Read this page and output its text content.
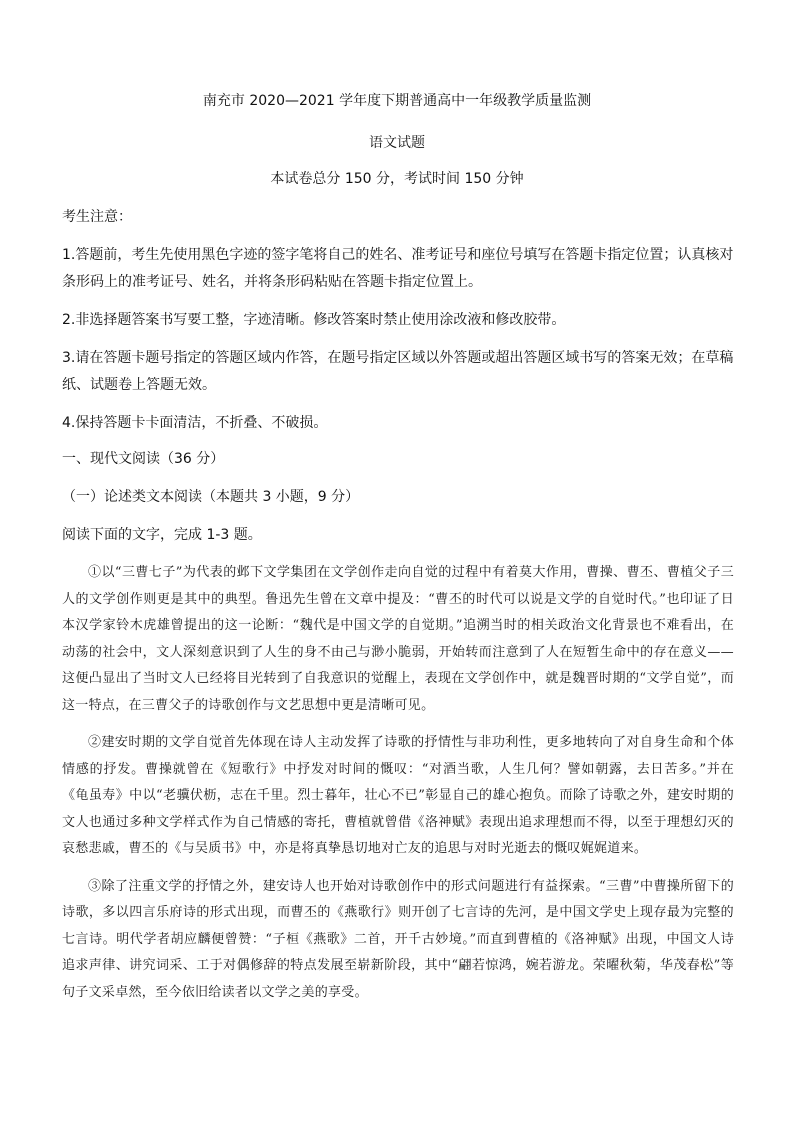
南充市 2020—2021 学年度下期普通高中一年级教学质量监测
语文试题
本试卷总分 150 分，考试时间 150 分钟
考生注意：
1.答题前，考生先使用黑色字迹的签字笔将自己的姓名、准考证号和座位号填写在答题卡指定位置；认真核对条形码上的准考证号、姓名，并将条形码粘贴在答题卡指定位置上。
2.非选择题答案书写要工整，字迹清晰。修改答案时禁止使用涂改液和修改胶带。
3.请在答题卡题号指定的答题区域内作答，在题号指定区域以外答题或超出答题区域书写的答案无效；在草稿纸、试题卷上答题无效。
4.保持答题卡卡面清洁，不折叠、不破损。
一、现代文阅读（36 分）
（一）论述类文本阅读（本题共 3 小题，9 分）
阅读下面的文字，完成 1-3 题。

①以“三曹七子”为代表的邺下文学集团在文学创作走向自觉的过程中有着莫大作用，曹操、曹丕、曹植父子三人的文学创作则更是其中的典型。鲁迅先生曾在文章中提及：“曹丕的时代可以说是文学的自觉时代。”也印证了日本汉学家铃木虎雄曾提出的这一论断：“魏代是中国文学的自觉期。”追溯当时的相关政治文化背景也不难看出，在动荡的社会中，文人深刻意识到了人生的身不由己与渺小脆弱，开始转而注意到了人在短暂生命中的存在意义——这便凸显出了当时文人已经将目光转到了自我意识的觉醒上，表现在文学创作中，就是魏晋时期的“文学自觉”，而这一特点，在三曹父子的诗歌创作与文艺思想中更是清晰可见。

②建安时期的文学自觉首先体现在诗人主动发挥了诗歌的抒情性与非功利性，更多地转向了对自身生命和个体情感的抒发。曹操就曾在《短歌行》中抒发对时间的慨叹：“对酒当歌，人生几何？譬如朝露，去日苦多。”并在《龟虽寿》中以“老骥伏枥，志在千里。烈士暮年，壮心不已”彰显自己的雄心抱负。而除了诗歌之外，建安时期的文人也通过多种文学样式作为自己情感的寄托，曹植就曾借《洛神赋》表现出追求理想而不得，以至于理想幻灭的哀愁悲戚，曹丕的《与吴质书》中，亦是将真挚恳切地对亡友的追思与对时光逝去的慨叹娓娓道来。

③除了注重文学的抒情之外，建安诗人也开始对诗歌创作中的形式问题进行有益探索。“三曹”中曹操所留下的诗歌，多以四言乐府诗的形式出现，而曹丕的《燕歌行》则开创了七言诗的先河，是中国文学史上现存最为完整的七言诗。明代学者胡应麟便曾赞：“子桓《燕歌》二首，开千古妙境。”而直到曹植的《洛神赋》出现，中国文人诗追求声律、讲究词采、工于对偶修辞的特点发展至崭新阶段，其中“翩若惊鸿，婉若游龙。荣曜秋菊，华茂春松”等句子文采卓然，至今依旧给读者以文学之美的享受。
